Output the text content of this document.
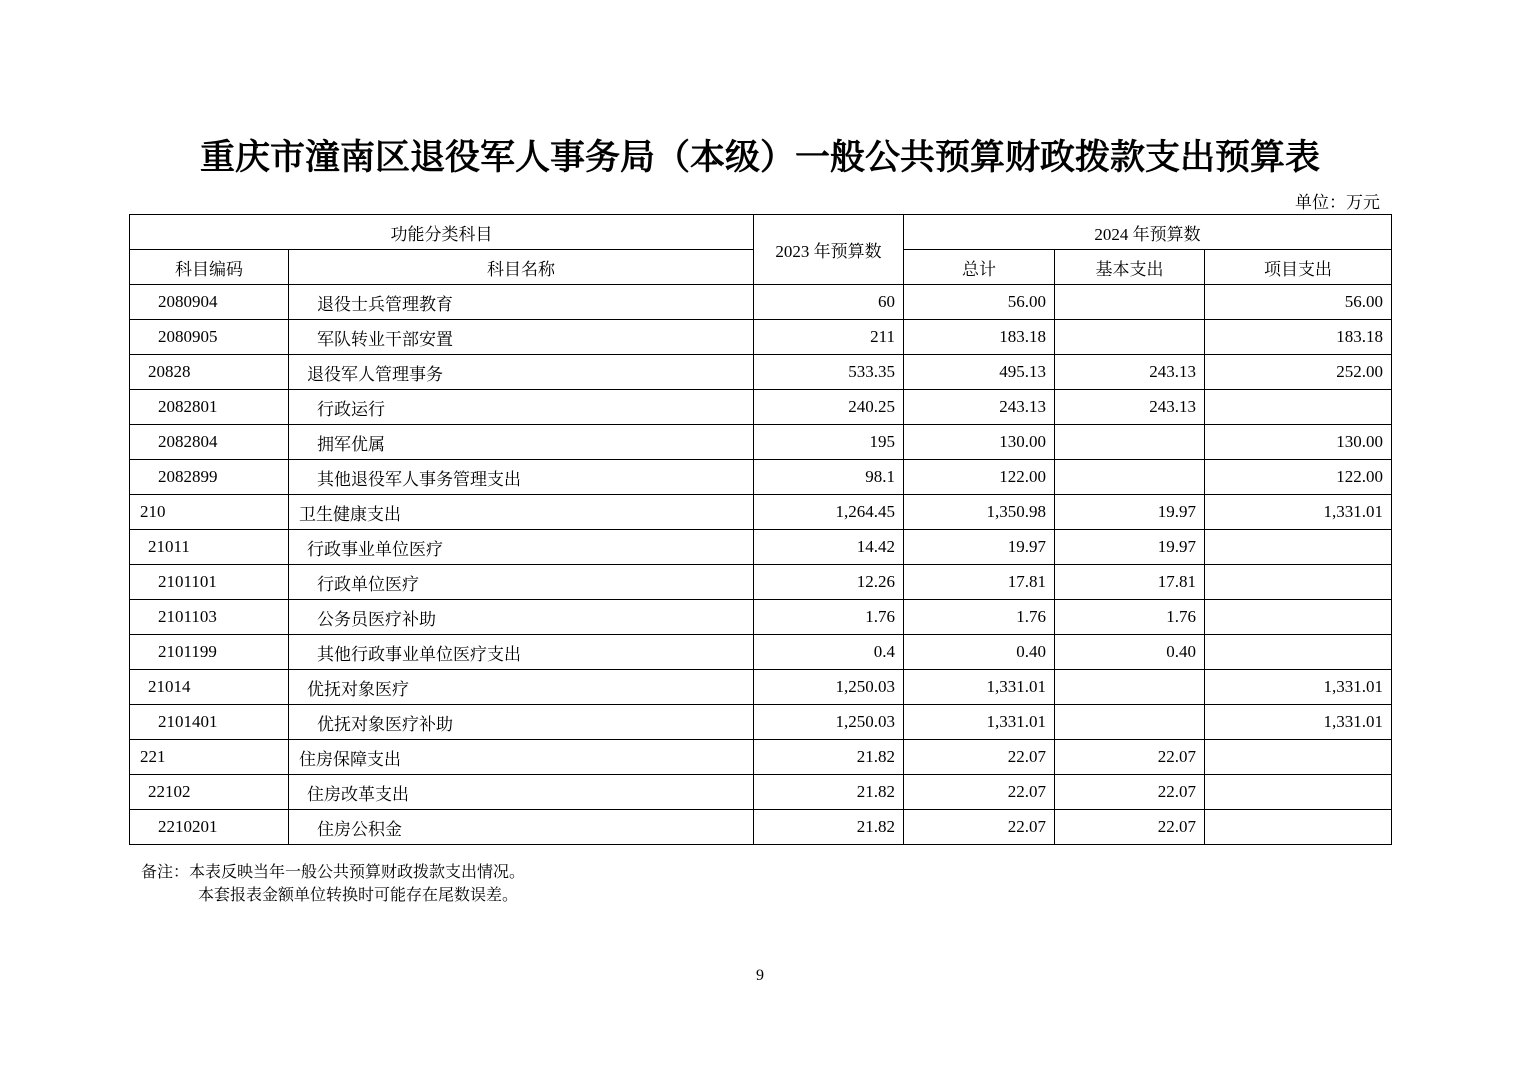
重庆市潼南区退役军人事务局（本级）一般公共预算财政拨款支出预算表
单位：万元
功能分类科目		2023 年预算数	2024 年预算数		
科目编码	科目名称		总计	基本支出	项目支出
2080904	退役士兵管理教育	60	56.00		56.00
2080905	军队转业干部安置	211	183.18		183.18
20828	退役军人管理事务	533.35	495.13	243.13	252.00
2082801	行政运行	240.25	243.13	243.13	
2082804	拥军优属	195	130.00		130.00
2082899	其他退役军人事务管理支出	98.1	122.00		122.00
210	卫生健康支出	1,264.45	1,350.98	19.97	1,331.01
21011	行政事业单位医疗	14.42	19.97	19.97	
2101101	行政单位医疗	12.26	17.81	17.81	
2101103	公务员医疗补助	1.76	1.76	1.76	
2101199	其他行政事业单位医疗支出	0.4	0.40	0.40	
21014	优抚对象医疗	1,250.03	1,331.01		1,331.01
2101401	优抚对象医疗补助	1,250.03	1,331.01		1,331.01
221	住房保障支出	21.82	22.07	22.07	
22102	住房改革支出	21.82	22.07	22.07	
2210201	住房公积金	21.82	22.07	22.07	
备注：本表反映当年一般公共预算财政拨款支出情况。
本套报表金额单位转换时可能存在尾数误差。
9
